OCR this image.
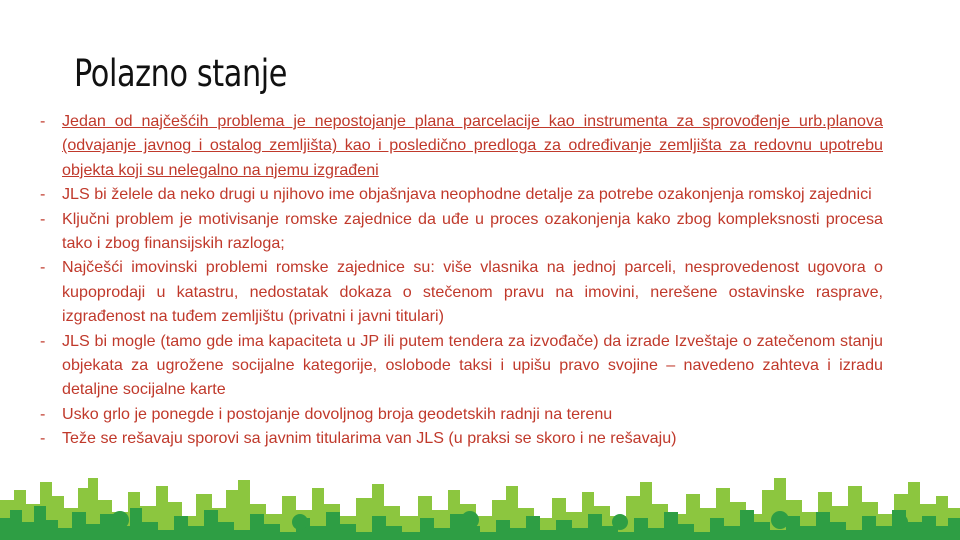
Polazno stanje
-	Jedan od najčešćih problema je nepostojanje plana parcelacije kao instrumenta za sprovođenje urb.planova (odvajanje javnog i ostalog zemljišta) kao i posledično predloga za određivanje zemljišta za redovnu upotrebu objekta koji su nelegalno na njemu izgrađeni
-	JLS bi želele da neko drugi u njihovo ime objašnjava neophodne detalje za potrebe ozakonjenja romskoj zajednici
-	Ključni problem je motivisanje romske zajednice da uđe u proces ozakonjenja kako zbog kompleksnosti procesa tako i zbog finansijskih razloga;
-	Najčešći imovinski problemi romske zajednice su: više vlasnika na jednoj parceli, nesprovedenost ugovora o kupoprodaji u katastru, nedostatak dokaza o stečenom pravu na imovini, nerešene ostavinske rasprave, izgrađenost na tuđem zemljištu (privatni i javni titulari)
-	JLS bi mogle (tamo gde ima kapaciteta u JP ili putem tendera za izvođače) da izrade Izveštaje o zatečenom stanju objekata za ugrožene socijalne kategorije, oslobode taksi i upišu pravo svojine – navedeno zahteva i izradu detaljne socijalne karte
-	Usko grlo je ponegde i postojanje dovoljnog broja geodetskih radnji na terenu
-	Teže se rešavaju sporovi sa javnim titularima van JLS (u praksi se skoro i ne rešavaju)
